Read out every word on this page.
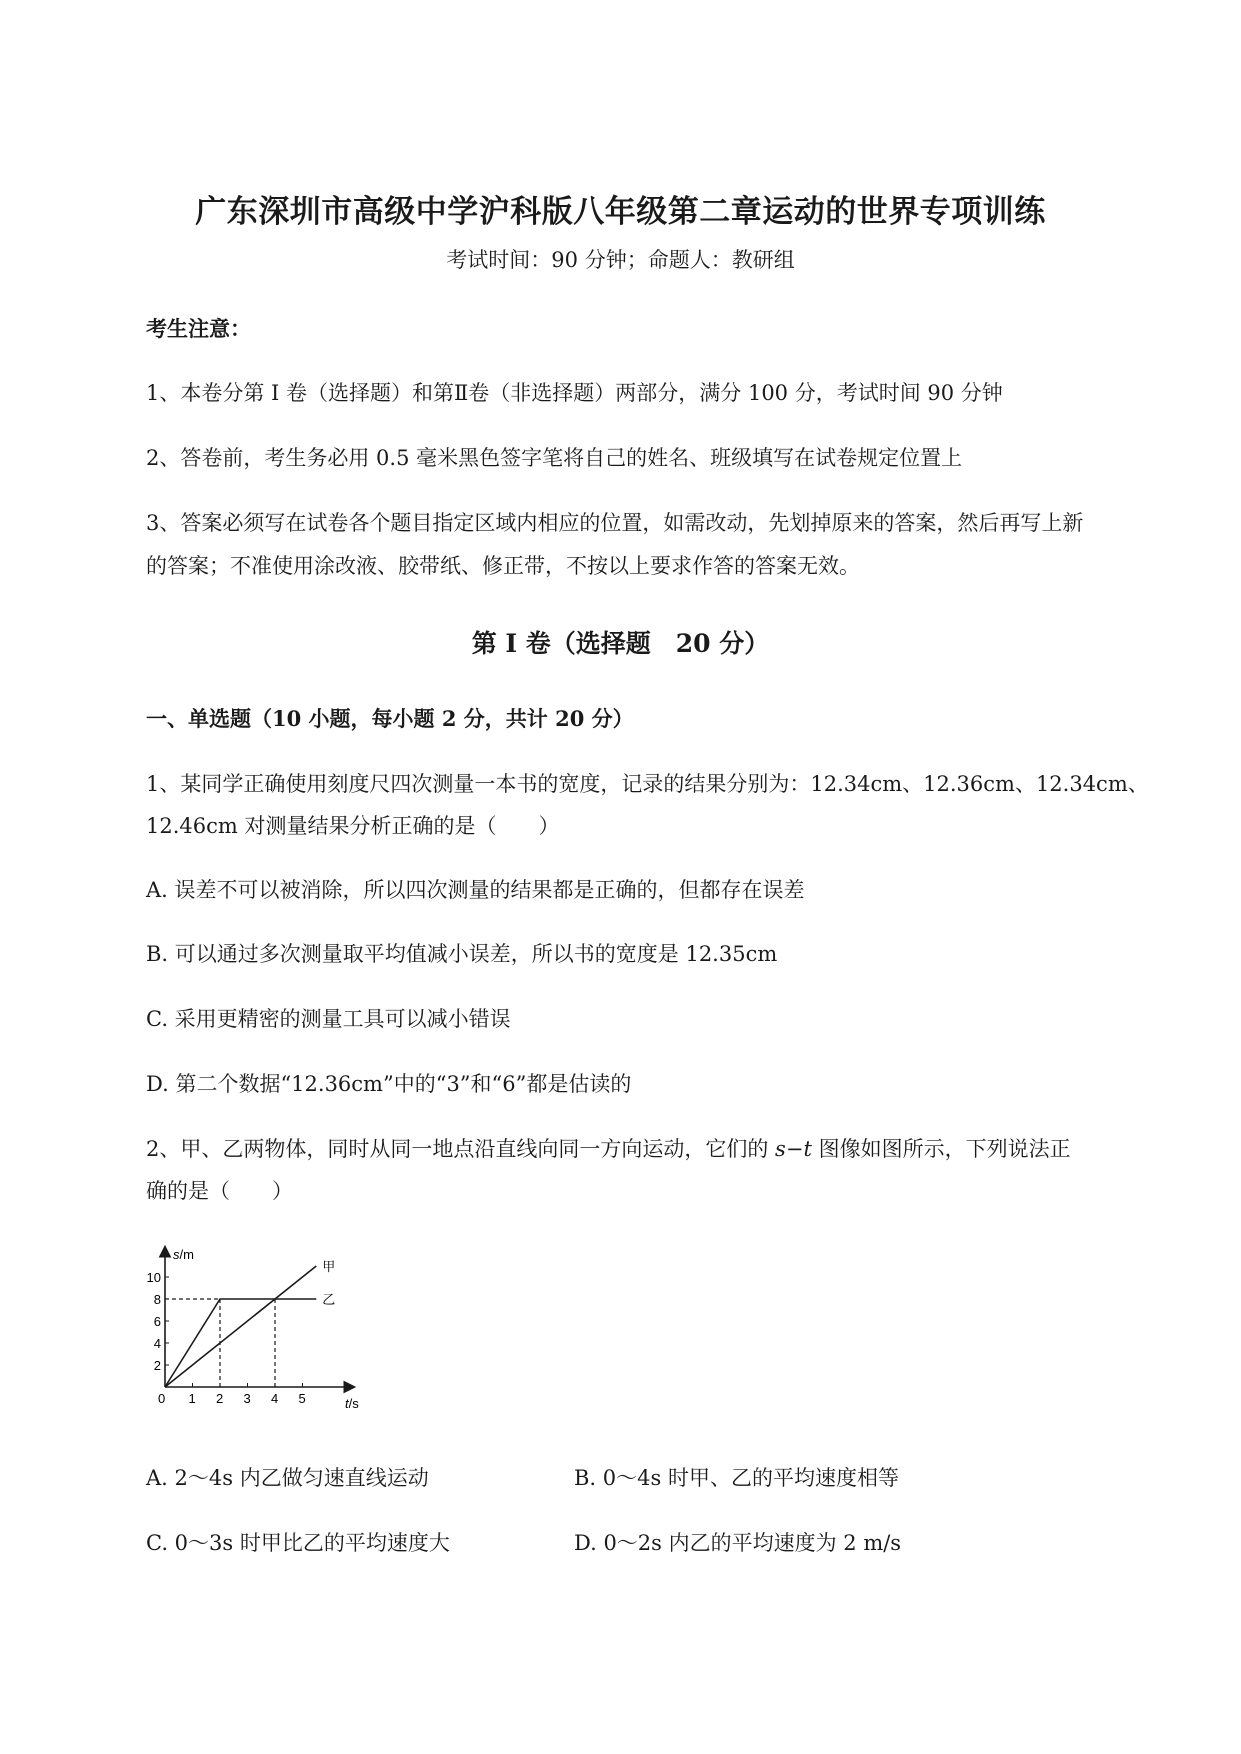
广东深圳市高级中学沪科版八年级第二章运动的世界专项训练
考试时间：90 分钟；命题人：教研组
考生注意：
1、本卷分第 I 卷（选择题）和第Ⅱ卷（非选择题）两部分，满分 100 分，考试时间 90 分钟
2、答卷前，考生务必用 0.5 毫米黑色签字笔将自己的姓名、班级填写在试卷规定位置上
3、答案必须写在试卷各个题目指定区域内相应的位置，如需改动，先划掉原来的答案，然后再写上新
的答案；不准使用涂改液、胶带纸、修正带，不按以上要求作答的答案无效。
第 I 卷（选择题　20 分）
一、单选题（10 小题，每小题 2 分，共计 20 分）
1、某同学正确使用刻度尺四次测量一本书的宽度，记录的结果分别为：12.34cm、12.36cm、12.34cm、
12.46cm 对测量结果分析正确的是（　　）
A. 误差不可以被消除，所以四次测量的结果都是正确的，但都存在误差
B. 可以通过多次测量取平均值减小误差，所以书的宽度是 12.35cm
C. 采用更精密的测量工具可以减小错误
D. 第二个数据“12.36cm”中的“3”和“6”都是估读的
2、甲、乙两物体，同时从同一地点沿直线向同一方向运动，它们的 s−t 图像如图所示，下列说法正
确的是（　　）
甲
乙
0 1 2 3 4 5
2
4
6
8
10
s/m
t/s
A. 2～4s 内乙做匀速直线运动	B. 0～4s 时甲、乙的平均速度相等
C. 0～3s 时甲比乙的平均速度大	D. 0～2s 内乙的平均速度为 2 m/s
